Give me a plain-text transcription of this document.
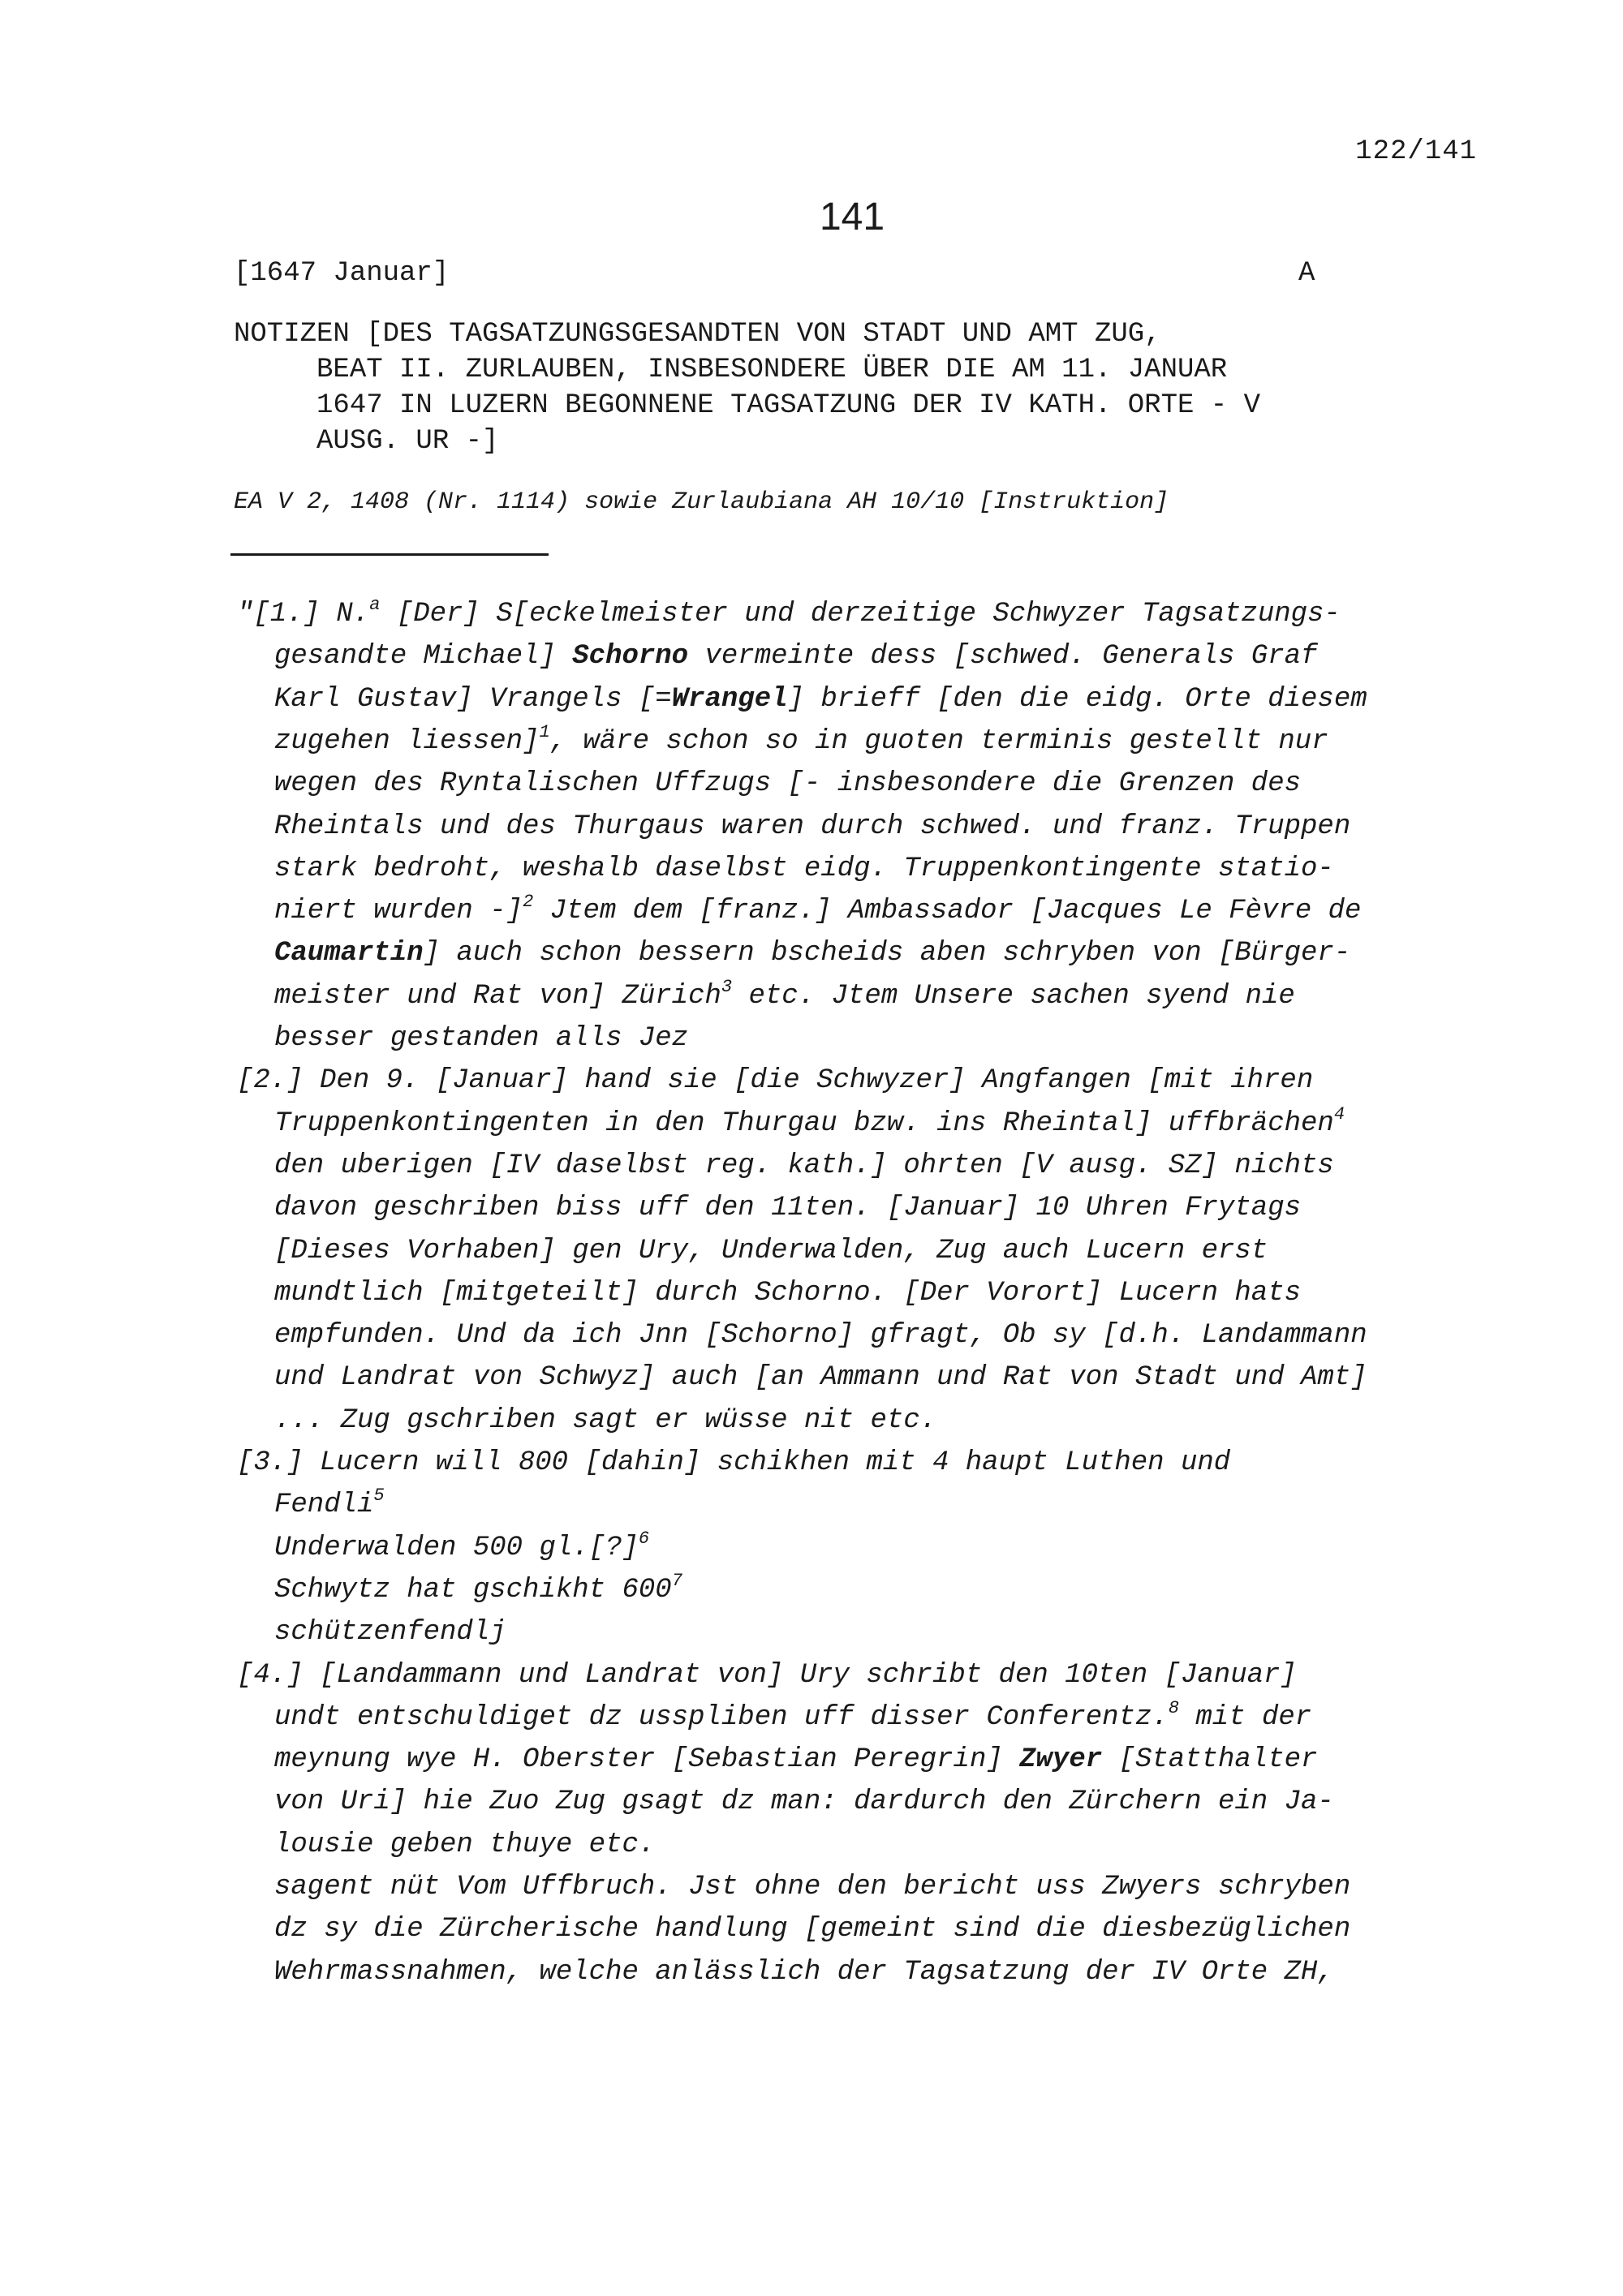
122/141
141
[1647 Januar]	A
NOTIZEN [DES TAGSATZUNGSGESANDTEN VON STADT UND AMT ZUG,
BEAT II. ZURLAUBEN, INSBESONDERE ÜBER DIE AM 11. JANUAR
1647 IN LUZERN BEGONNENE TAGSATZUNG DER IV KATH. ORTE - V
AUSG. UR -]
EA V 2, 1408 (Nr. 1114) sowie Zurlaubiana AH 10/10 [Instruktion]
"[1.] N.$^a$ [Der] S[eckelmeister und derzeitige Schwyzer Tagsatzungs-
gesandte Michael] Schorno vermeinte dess [schwed. Generals Graf
Karl Gustav] Vrangels [=Wrangel] brieff [den die eidg. Orte diesem
zugehen liessen]$^1$, wäre schon so in guoten terminis gestellt nur
wegen des Ryntalischen Uffzugs [- insbesondere die Grenzen des
Rheintals und des Thurgaus waren durch schwed. und franz. Truppen
stark bedroht, weshalb daselbst eidg. Truppenkontingente statio-
niert wurden -]$^2$ Jtem dem [franz.] Ambassador [Jacques Le Fèvre de
Caumartin] auch schon bessern bscheids aben schryben von [Bürger-
meister und Rat von] Zürich$^3$ etc. Jtem Unsere sachen syend nie
besser gestanden alls Jez
[2.] Den 9. [Januar] hand sie [die Schwyzer] Angfangen [mit ihren
Truppenkontingenten in den Thurgau bzw. ins Rheintal] uffbrächen$^4$
den uberigen [IV daselbst reg. kath.] ohrten [V ausg. SZ] nichts
davon geschriben biss uff den 11ten. [Januar] 10 Uhren Frytags
[Dieses Vorhaben] gen Ury, Underwalden, Zug auch Lucern erst
mundtlich [mitgeteilt] durch Schorno. [Der Vorort] Lucern hats
empfunden. Und da ich Jnn [Schorno] gfragt, Ob sy [d.h. Landammann
und Landrat von Schwyz] auch [an Ammann und Rat von Stadt und Amt]
... Zug gschriben sagt er wüsse nit etc.
[3.] Lucern will 800 [dahin] schikhen mit 4 haupt Luthen und
Fendli$^5$
Underwalden 500 gl.[?]$^6$
Schwytz hat gschikht $600^7$
schützenfendlj
[4.] [Landammann und Landrat von] Ury schribt den 10ten [Januar]
undt entschuldiget dz usspliben uff disser Conferentz.$^8$ mit der
meynung wye H. Oberster [Sebastian Peregrin] Zwyer [Statthalter
von Uri] hie Zuo Zug gsagt dz man: dardurch den Zürchern ein Ja-
lousie geben thuye etc.
sagent nüt Vom Uffbruch. Jst ohne den bericht uss Zwyers schryben
dz sy die Zürcherische handlung [gemeint sind die diesbezüglichen
Wehrmassnahmen, welche anlässlich der Tagsatzung der IV Orte ZH,
